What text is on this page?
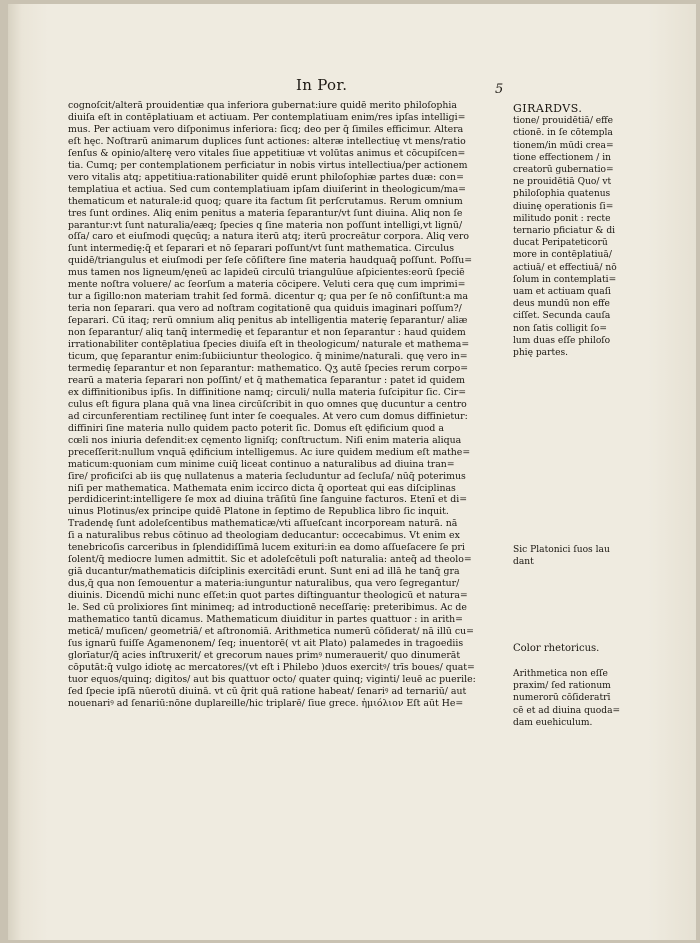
In Por.	5
cognoſcit/alterā prouidentiæ qua inferiora gubernat:iure quidē merito philoſophia
diuiſa eſt in contēplatiuam et actiuam. Per contemplatiuam enim/res ipſas intelligi=
mus. Per actiuam vero diſponimus inferiora: ſicq; deo per q̄ ſimiles efficimur. Altera
eſt hęc. Noſtrarū animarum duplices ſunt actiones: alteræ intellectiuę vt mens/ratio
ſenſus & opinio/alterę vero vitales ſiue appetitiuæ vt volūtas animus et cōcupiſcen=
tia. Cumq; per contemplationem perficiatur in nobis virtus intellectiua/per actionem
vero vitalis atq; appetitiua:rationabiliter quidē erunt philoſophiæ partes duæ: con=
templatiua et actiua. Sed cum contemplatiuam ipſam diuiſerint in theologicum/ma=
thematicum et naturale:id quoq; quare ita factum ſit perſcrutamus. Rerum omnium
tres ſunt ordines. Aliq enim penitus a materia ſeparantur/vt ſunt diuina. Aliq non ſe
parantur:vt ſunt naturalia/eæq; ſpecies q ſine materia non poſſunt intelligi,vt lignū/
oſſa/ caro et eiuſmodi quęcūq; a natura iterū atq; iterū procreātur corpora. Aliq vero
ſunt intermedię:q̄ et ſeparari et nō ſeparari poſſunt/vt ſunt mathematica. Circulus
quidē/triangulus et eiuſmodi per ſeſe cōſiſtere ſine materia haudquaq̄ poſſunt. Poſſu=
mus tamen nos ligneum/ęneū ac lapideū circulū triangulūue aſpicientes:eorū ſpeciē
mente noſtra voluere/ ac ſeorſum a materia cōcipere. Veluti cera quę cum imprimi=
tur a ſigillo:non materiam trahit ſed formā. dicentur q; qua per ſe nō conſiſtunt:a ma
teria non ſeparari. qua vero ad noſtram cogitationē qua quiduis imaginari poſſum?/
ſeparari. Cū itaq; rerū omnium aliq penitus ab intelligentia materię ſeparantur/ aliæ
non ſeparantur/ aliq tanq̄ intermedię et ſeparantur et non ſeparantur : haud quidem
irrationabiliter contēplatiua ſpecies diuiſa eſt in theologicum/ naturale et mathema=
ticum, quę ſeparantur enim:ſubiiciuntur theologico. q̄ minime/naturali. quę vero in=
termedię ſeparantur et non ſeparantur: mathematico. Q̄ʒ autē ſpecies rerum corpo=
rearū a materia ſeparari non poſſint/ et q̄ mathematica ſeparantur : patet id quidem
ex diffinitionibus ipſis. In diffinitione namq; circuli/ nulla materia ſuſcipitur ſic. Cir=
culus eſt figura plana quā vna linea circūſcribit in quo omnes quę ducuntur a centro
ad circunferentiam rectilineę ſunt inter ſe coequales. At vero cum domus diffinietur:
diffiniri ſine materia nullo quidem pacto poterit ſic. Domus eſt ędificium quod a
cœli nos iniuria defendit:ex cęmento ligniſq; conſtructum. Niſi enim materia aliqua
preceſſerit:nullum vnquā ędificium intelligemus. Ac iure quidem medium eſt mathe=
maticum:quoniam cum minime cuiq̄ liceat continuo a naturalibus ad diuina tran=
ſire/ proficiſci ab iis quę nullatenus a materia ſecluduntur ad ſecluſa/ nūq̄ poterimus
niſi per mathematica. Mathemata enim iccirco dicta q̄ oporteat qui eas diſciplinas
perdidicerint:intelligere ſe mox ad diuina trāſitū ſine ſanguine facturos. Etenī et di=
uinus Plotinus/ex principe quidē Platone in ſeptimo de Republica libro ſic inquit.
Tradendę ſunt adoleſcentibus mathematicæ/vti aſſueſcant incorpoream naturā. nā
ſi a naturalibus rebus cōtinuo ad theologiam deducantur: occecabimus. Vt enim ex
tenebricoſis carceribus in ſplendidiſſimā lucem exituri:in ea domo aſſueſacere ſe pri
ſolent/q̄ mediocre lumen admittit. Sic et adoleſcētuli poſt naturalia: anteq̄ ad theolo=
giā ducantur/mathematicis diſciplinis exercitādi erunt. Sunt eni ad illā he tanq̄ gra
dus,q̄ qua non ſemouentur a materia:iunguntur naturalibus, qua vero ſegregantur/
diuinis. Dicendū michi nunc eſſet:in quot partes diſtinguantur theologicū et natura=
le. Sed cū prolixiores ſint minimeq; ad introductionē neceſſarię: preteribimus. Ac de
mathematico tantū dicamus. Mathematicum diuiditur in partes quattuor : in arith=
meticā/ muſicen/ geometriā/ et aſtronomiā. Arithmetica numerū cōſiderat/ nā illū cu=
ſus ignarū fuiſſe Agamenonem/ ſeq; inuentorē( vt ait Plato) palamedes in tragoediis
glorīatur/q̄ acies inſtruxerit/ et grecorum naues primꝰ numerauerit/ quo dinumerāt
cōputāt:q̄ vulgo idiotę ac mercatores/(vt eſt i Philebo )duos exercitꝰ/ trīs boues/ quat=
tuor equos/quinq; digitos/ aut bis quattuor octo/ quater quinq; viginti/ leuē ac puerile:
ſed ſpecie ipſā nūerotū diuinā. vt cū q̄rit quā ratione habeat/ ſenariꝰ ad ternariū/ aut
nouenariꝰ ad ſenariū:nōne duplareille/hic triplarē/ ſiue grece. ἡμιόλιον Eſt aūt He=
GIRARDVS.
tione/ prouidētiā/ effe
ctionē. in ſe cōtempla
tionem/in mūdi crea=
tione effectionem / in
creatorū gubernatio=
ne prouidētiā Quo/ vt
philoſophia quatenus
diuinę operationis ſi=
militudo ponit : recte
ternario pficiatur & di
ducat Peripateticorū
more in contēplatiuā/
actiuā/ et effectiuā/ nō
ſolum in contemplati=
uam et actiuam quaſi
deus mundū non effe
ciſſet. Secunda cauſa
non ſatis colligit ſo=
lum duas eſſe philoſo
phię partes.
Sic Platonici ſuos lau
dant
Color rhetoricus.
Arithmetica non eſſe
praxim/ ſed rationum
numerorū cōſideratrī
cē et ad diuina quoda=
dam euehiculum.
